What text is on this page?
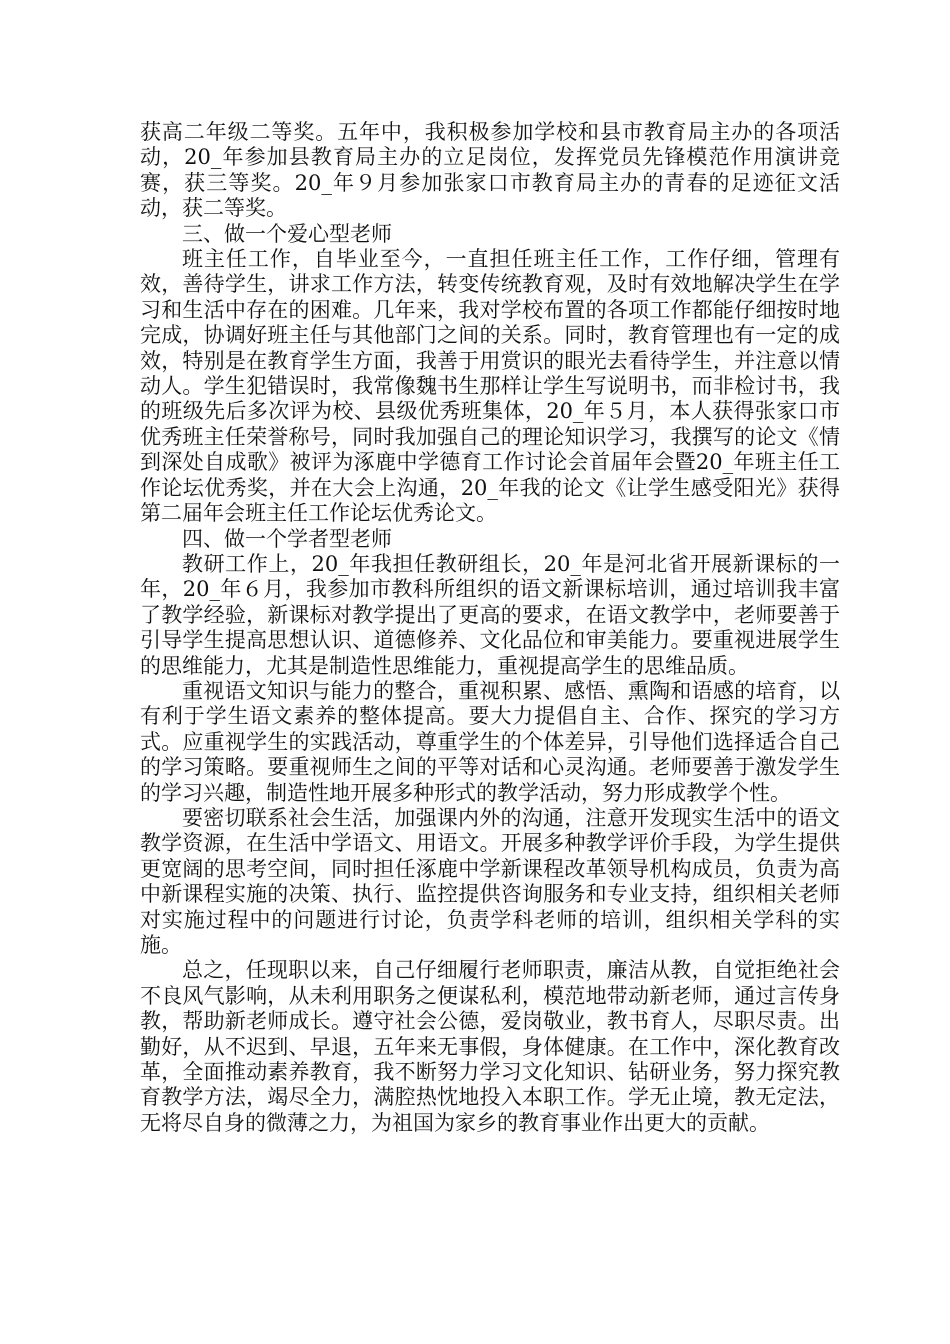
获高二年级二等奖。五年中，我积极参加学校和县市教育局主办的各项活动，20_年参加县教育局主办的立足岗位，发挥党员先锋模范作用演讲竞赛，获三等奖。20_年９月参加张家口市教育局主办的青春的足迹征文活动，获二等奖。

三、做一个爱心型老师

班主任工作，自毕业至今，一直担任班主任工作，工作仔细，管理有效，善待学生，讲求工作方法，转变传统教育观，及时有效地解决学生在学习和生活中存在的困难。几年来，我对学校布置的各项工作都能仔细按时地完成，协调好班主任与其他部门之间的关系。同时，教育管理也有一定的成效，特别是在教育学生方面，我善于用赏识的眼光去看待学生，并注意以情动人。学生犯错误时，我常像魏书生那样让学生写说明书，而非检讨书，我的班级先后多次评为校、县级优秀班集体，20_年５月，本人获得张家口市优秀班主任荣誉称号，同时我加强自己的理论知识学习，我撰写的论文《情到深处自成歌》被评为涿鹿中学德育工作讨论会首届年会暨20_年班主任工作论坛优秀奖，并在大会上沟通，20_年我的论文《让学生感受阳光》获得第二届年会班主任工作论坛优秀论文。

四、做一个学者型老师

教研工作上，20_年我担任教研组长，20_年是河北省开展新课标的一年，20_年６月，我参加市教科所组织的语文新课标培训，通过培训我丰富了教学经验，新课标对教学提出了更高的要求，在语文教学中，老师要善于引导学生提高思想认识、道德修养、文化品位和审美能力。要重视进展学生的思维能力，尤其是制造性思维能力，重视提高学生的思维品质。

重视语文知识与能力的整合，重视积累、感悟、熏陶和语感的培育，以有利于学生语文素养的整体提高。要大力提倡自主、合作、探究的学习方式。应重视学生的实践活动，尊重学生的个体差异，引导他们选择适合自己的学习策略。要重视师生之间的平等对话和心灵沟通。老师要善于激发学生的学习兴趣，制造性地开展多种形式的教学活动，努力形成教学个性。

要密切联系社会生活，加强课内外的沟通，注意开发现实生活中的语文教学资源，在生活中学语文、用语文。开展多种教学评价手段，为学生提供更宽阔的思考空间，同时担任涿鹿中学新课程改革领导机构成员，负责为高中新课程实施的决策、执行、监控提供咨询服务和专业支持，组织相关老师对实施过程中的问题进行讨论，负责学科老师的培训，组织相关学科的实施。

总之，任现职以来，自己仔细履行老师职责，廉洁从教，自觉拒绝社会不良风气影响，从未利用职务之便谋私利，模范地带动新老师，通过言传身教，帮助新老师成长。遵守社会公德，爱岗敬业，教书育人，尽职尽责。出勤好，从不迟到、早退，五年来无事假，身体健康。在工作中，深化教育改革，全面推动素养教育，我不断努力学习文化知识、钻研业务，努力探究教育教学方法，竭尽全力，满腔热忱地投入本职工作。学无止境，教无定法，无将尽自身的微薄之力，为祖国为家乡的教育事业作出更大的贡献。
